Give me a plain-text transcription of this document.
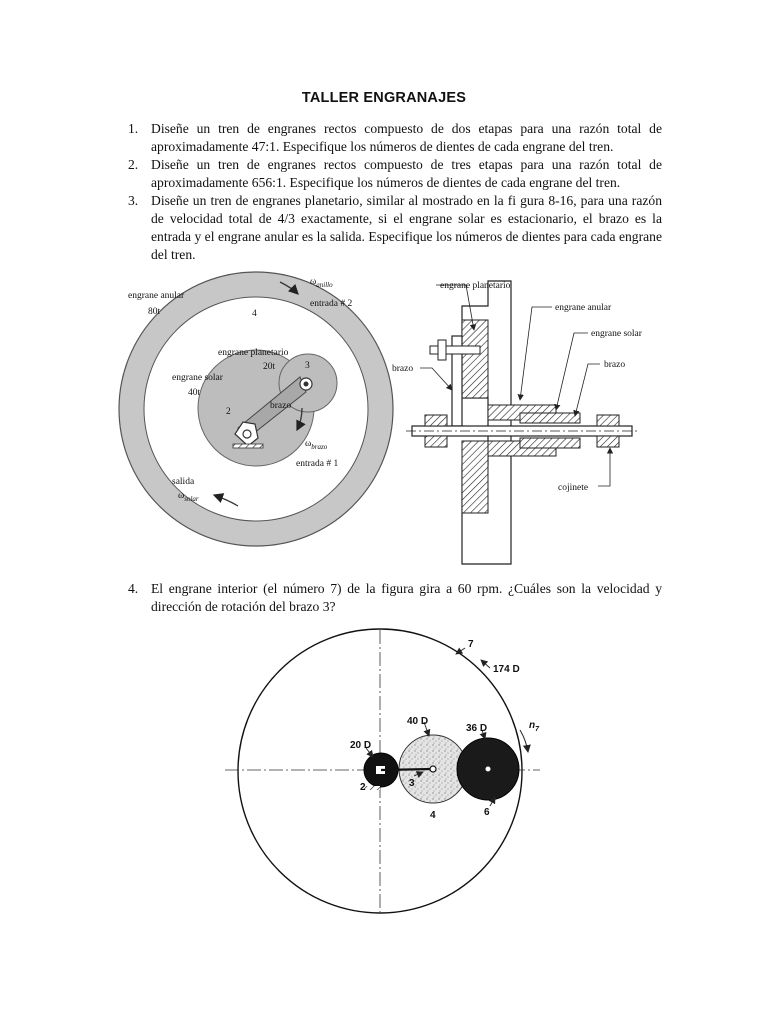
TALLER ENGRANAJES
1. Diseñe un tren de engranes rectos compuesto de dos etapas para una razón total de aproximadamente 47:1. Especifique los números de dientes de cada engrane del tren.
2. Diseñe un tren de engranes rectos compuesto de tres etapas para una razón total de aproximadamente 656:1. Especifique los números de dientes de cada engrane del tren.
3. Diseñe un tren de engranes planetario, similar al mostrado en la fi gura 8-16, para una razón de velocidad total de 4/3 exactamente, si el engrane solar es estacionario, el brazo es la entrada y el engrane anular es la salida. Especifique los números de dientes para cada engrane del tren.
4. El engrane interior (el número 7) de la figura gira a 60 rpm. ¿Cuáles son la velocidad y dirección de rotación del brazo 3?
engrane anular
80t	4
$\omega_{anillo}$
entrada # 2
engrane planetario
20t	3
engrane solar
40t
2
brazo
$\omega_{brazo}$
entrada # 1
salida
$\omega_{solar}$
engrane planetario
engrane anular
engrane solar
brazo
brazo
cojinete
7
174 D
40 D
36 D
20 D
$n_7$
2	3
4	6
